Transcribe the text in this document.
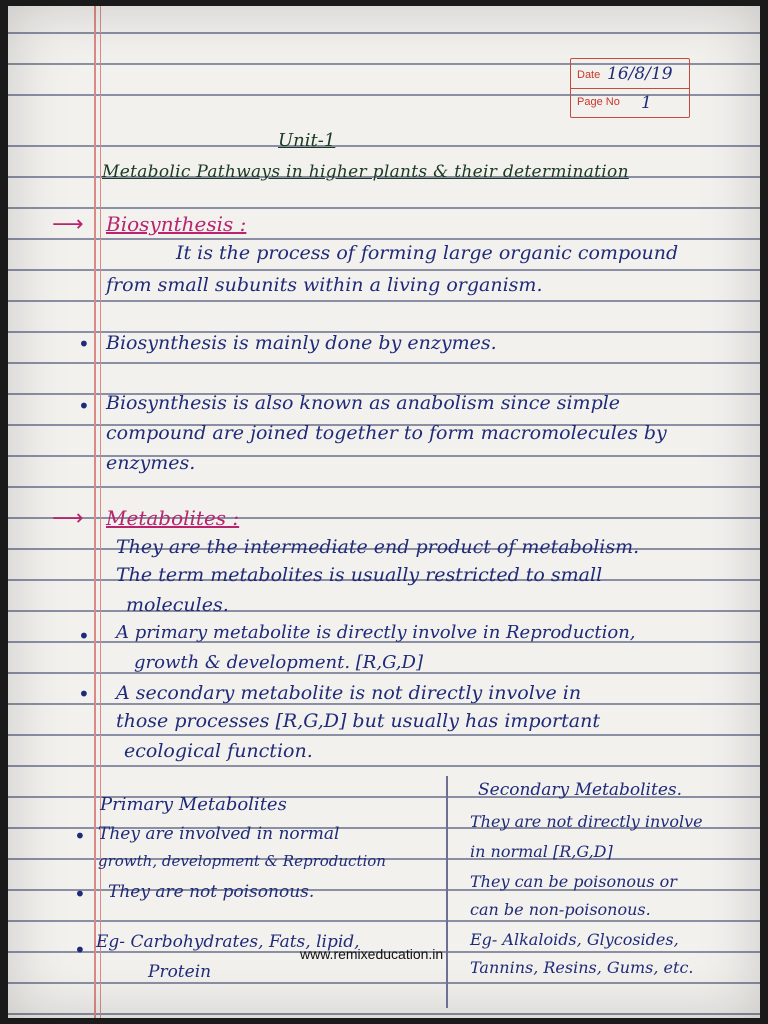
Date 16/8/19
Page No 1
Unit-1
Metabolic Pathways in higher plants & their determination
⟶ Biosynthesis :
It is the process of forming large organic compound
from small subunits within a living organism.
• Biosynthesis is mainly done by enzymes.
• Biosynthesis is also known as anabolism since simple
compound are joined together to form macromolecules by
enzymes.
⟶ Metabolites :
They are the intermediate end product of metabolism.
The term metabolites is usually restricted to small
molecules.
• A primary metabolite is directly involve in Reproduction,
growth & development. [R,G,D]
• A secondary metabolite is not directly involve in
those processes [R,G,D] but usually has important
ecological function.
Primary Metabolites
• They are involved in normal
growth, development & Reproduction
• They are not poisonous.
• Eg- Carbohydrates, Fats, lipid,
Protein
Secondary Metabolites.
They are not directly involve
in normal [R,G,D]
They can be poisonous or
can be non-poisonous.
Eg- Alkaloids, Glycosides,
Tannins, Resins, Gums, etc.
www.remixeducation.in
